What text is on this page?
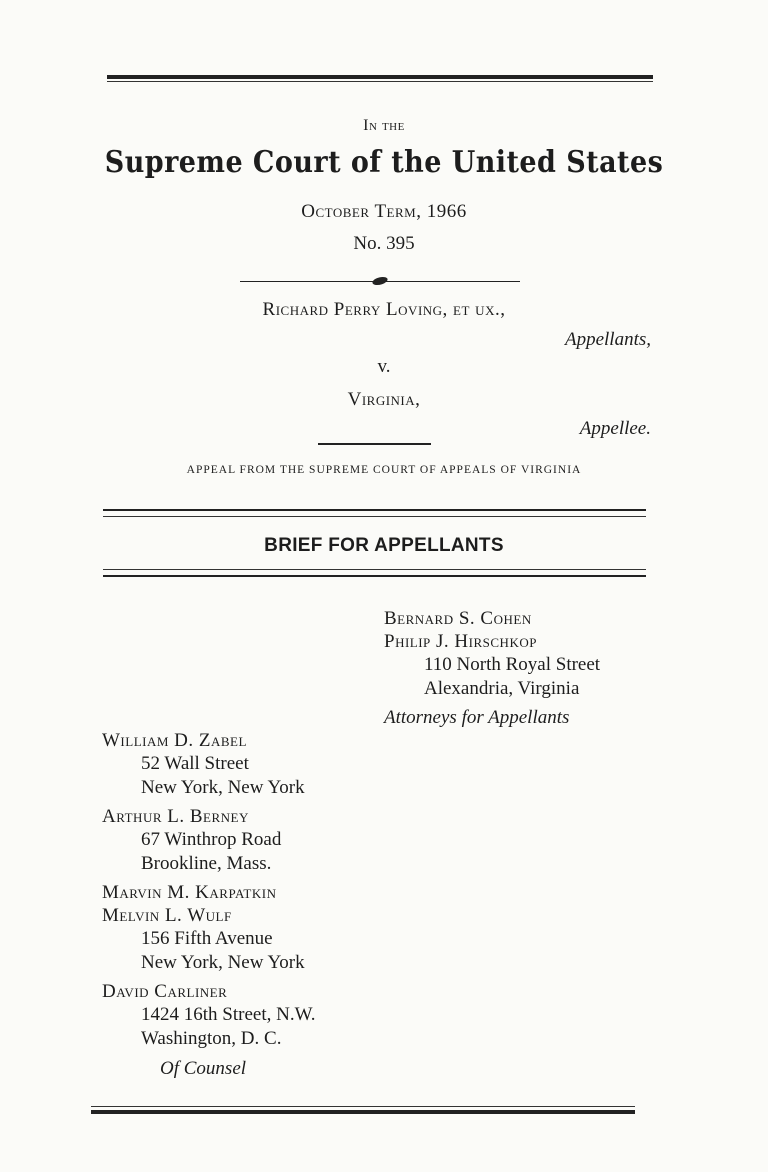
In the
Supreme Court of the United States
October Term, 1966
No. 395
Richard Perry Loving, et ux.,
Appellants,
v.
Virginia,
Appellee.
APPEAL FROM THE SUPREME COURT OF APPEALS OF VIRGINIA
BRIEF FOR APPELLANTS
Bernard S. Cohen
Philip J. Hirschkop
110 North Royal Street
Alexandria, Virginia
Attorneys for Appellants
William D. Zabel
52 Wall Street
New York, New York
Arthur L. Berney
67 Winthrop Road
Brookline, Mass.
Marvin M. Karpatkin
Melvin L. Wulf
156 Fifth Avenue
New York, New York
David Carliner
1424 16th Street, N.W.
Washington, D. C.
Of Counsel
